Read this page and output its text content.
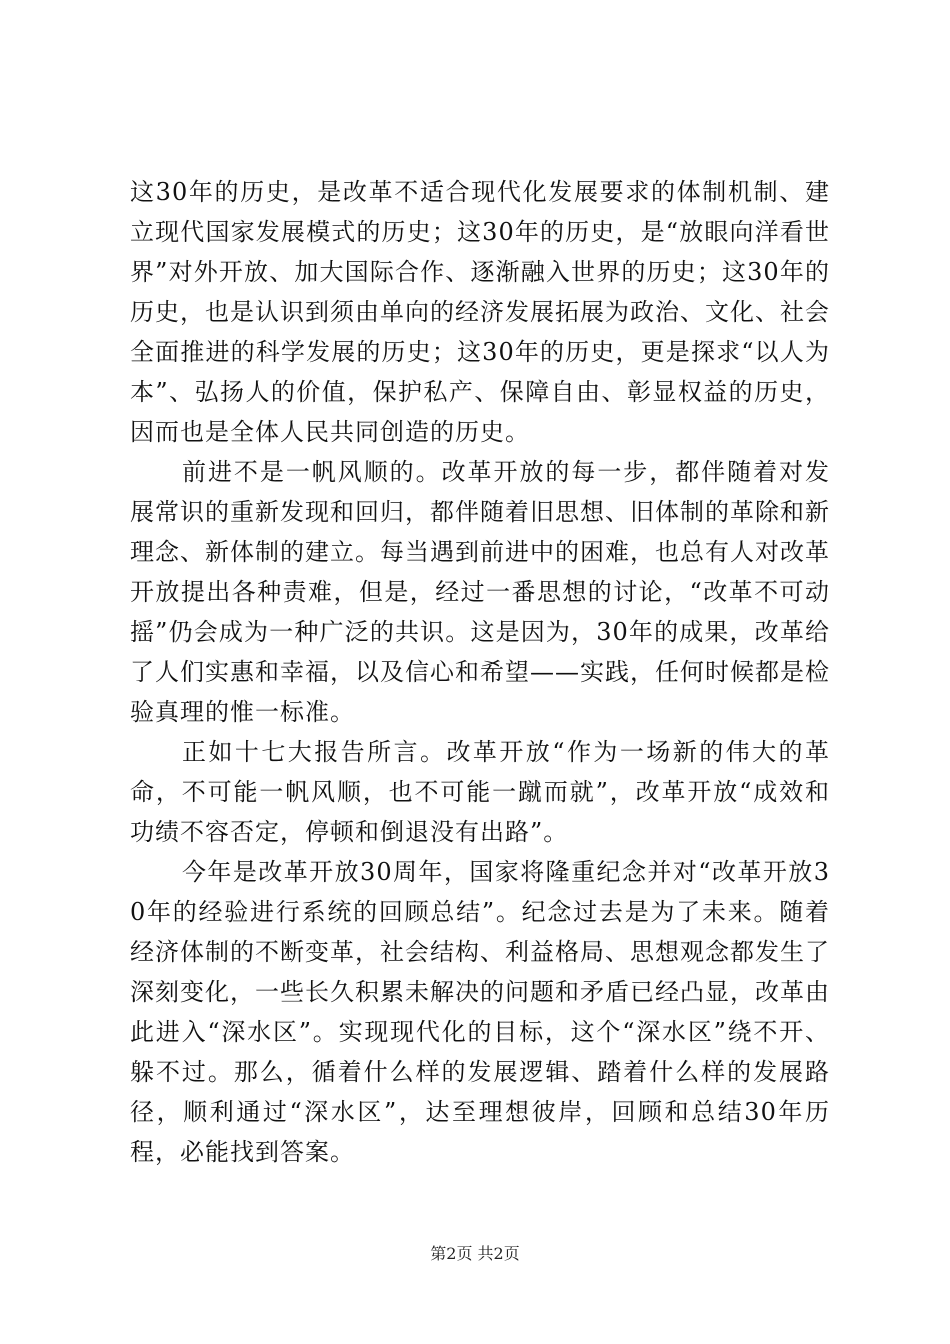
这30年的历史，是改革不适合现代化发展要求的体制机制、建立现代国家发展模式的历史；这30年的历史，是“放眼向洋看世界”对外开放、加大国际合作、逐渐融入世界的历史；这30年的历史，也是认识到须由单向的经济发展拓展为政治、文化、社会全面推进的科学发展的历史；这30年的历史，更是探求“以人为本”、弘扬人的价值，保护私产、保障自由、彰显权益的历史，因而也是全体人民共同创造的历史。

前进不是一帆风顺的。改革开放的每一步，都伴随着对发展常识的重新发现和回归，都伴随着旧思想、旧体制的革除和新理念、新体制的建立。每当遇到前进中的困难，也总有人对改革开放提出各种责难，但是，经过一番思想的讨论，“改革不可动摇”仍会成为一种广泛的共识。这是因为，30年的成果，改革给了人们实惠和幸福，以及信心和希望——实践，任何时候都是检验真理的惟一标准。

正如十七大报告所言。改革开放“作为一场新的伟大的革命，不可能一帆风顺，也不可能一蹴而就”，改革开放“成效和功绩不容否定，停顿和倒退没有出路”。

今年是改革开放30周年，国家将隆重纪念并对“改革开放30年的经验进行系统的回顾总结”。纪念过去是为了未来。随着经济体制的不断变革，社会结构、利益格局、思想观念都发生了深刻变化，一些长久积累未解决的问题和矛盾已经凸显，改革由此进入“深水区”。实现现代化的目标，这个“深水区”绕不开、躲不过。那么，循着什么样的发展逻辑、踏着什么样的发展路径，顺利通过“深水区”，达至理想彼岸，回顾和总结30年历程，必能找到答案。

第2页 共2页
